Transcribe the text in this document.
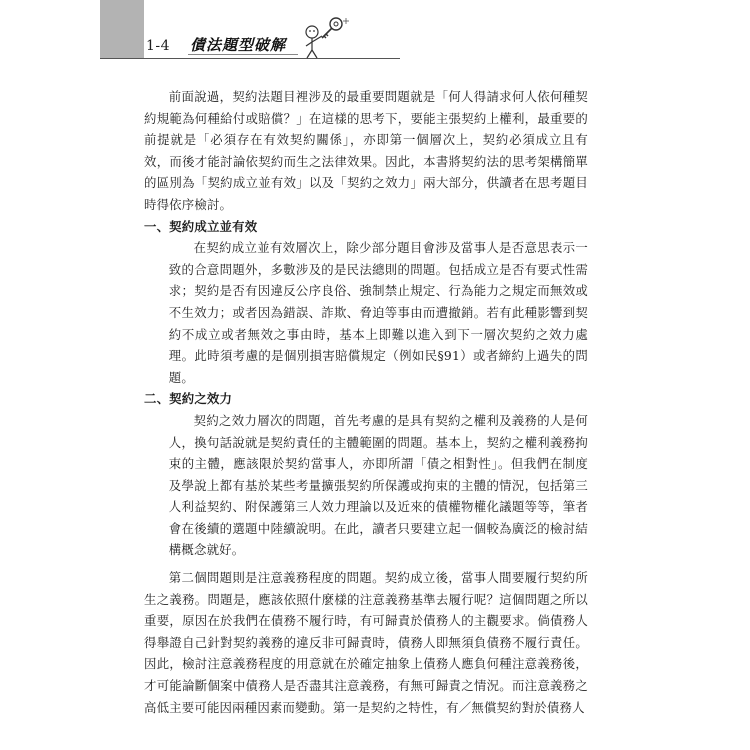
1-4 債法題型破解

前面說過，契約法題目裡涉及的最重要問題就是「何人得請求何人依何種契約規範為何種給付或賠償？」在這樣的思考下，要能主張契約上權利，最重要的前提就是「必須存在有效契約關係」，亦即第一個層次上，契約必須成立且有效，而後才能討論依契約而生之法律效果。因此，本書將契約法的思考架構簡單的區別為「契約成立並有效」以及「契約之效力」兩大部分，供讀者在思考題目時得依序檢討。

一、契約成立並有效

在契約成立並有效層次上，除少部分題目會涉及當事人是否意思表示一致的合意問題外，多數涉及的是民法總則的問題。包括成立是否有要式性需求；契約是否有因違反公序良俗、強制禁止規定、行為能力之規定而無效或不生效力；或者因為錯誤、詐欺、脅迫等事由而遭撤銷。若有此種影響到契約不成立或者無效之事由時，基本上即難以進入到下一層次契約之效力處理。此時須考慮的是個別損害賠償規定（例如民§91）或者締約上過失的問題。

二、契約之效力

契約之效力層次的問題，首先考慮的是具有契約之權利及義務的人是何人，換句話說就是契約責任的主體範圍的問題。基本上，契約之權利義務拘束的主體，應該限於契約當事人，亦即所謂「債之相對性」。但我們在制度及學說上都有基於某些考量擴張契約所保護或拘束的主體的情況，包括第三人利益契約、附保護第三人效力理論以及近來的債權物權化議題等等，筆者會在後續的選題中陸續說明。在此，讀者只要建立起一個較為廣泛的檢討結構概念就好。

第二個問題則是注意義務程度的問題。契約成立後，當事人間要履行契約所生之義務。問題是，應該依照什麼樣的注意義務基準去履行呢？這個問題之所以重要，原因在於我們在債務不履行時，有可歸責於債務人的主觀要求。倘債務人得舉證自己針對契約義務的違反非可歸責時，債務人即無須負債務不履行責任。因此，檢討注意義務程度的用意就在於確定抽象上債務人應負何種注意義務後，才可能論斷個案中債務人是否盡其注意義務，有無可歸責之情況。而注意義務之高低主要可能因兩種因素而變動。第一是契約之特性，有／無償契約對於債務人
